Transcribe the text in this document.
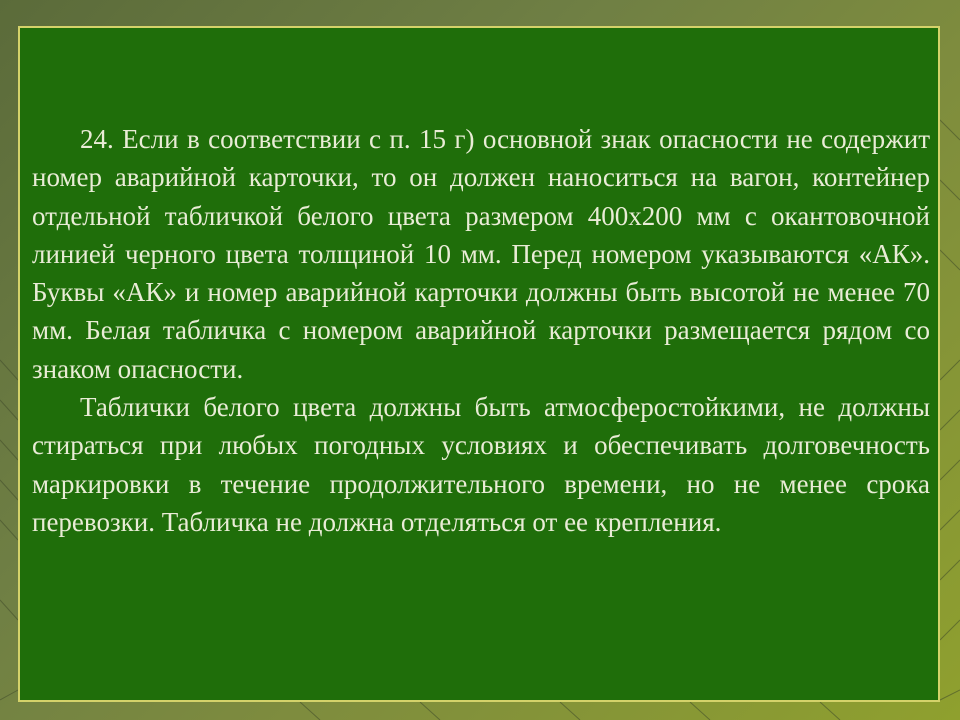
24. Если в соответствии с п. 15 г) основной знак опасности не содержит номер аварийной карточки, то он должен наноситься на вагон, контейнер отдельной табличкой белого цвета размером 400х200 мм с окантовочной линией черного цвета толщиной 10 мм. Перед номером указываются «АК». Буквы «АК» и номер аварийной карточки должны быть высотой не менее 70 мм. Белая табличка с номером аварийной карточки размещается рядом со знаком опасности.

Таблички белого цвета должны быть атмосферостойкими, не должны стираться при любых погодных условиях и обеспечивать долговечность маркировки в течение продолжительного времени, но не менее срока перевозки. Табличка не должна отделяться от ее крепления.
